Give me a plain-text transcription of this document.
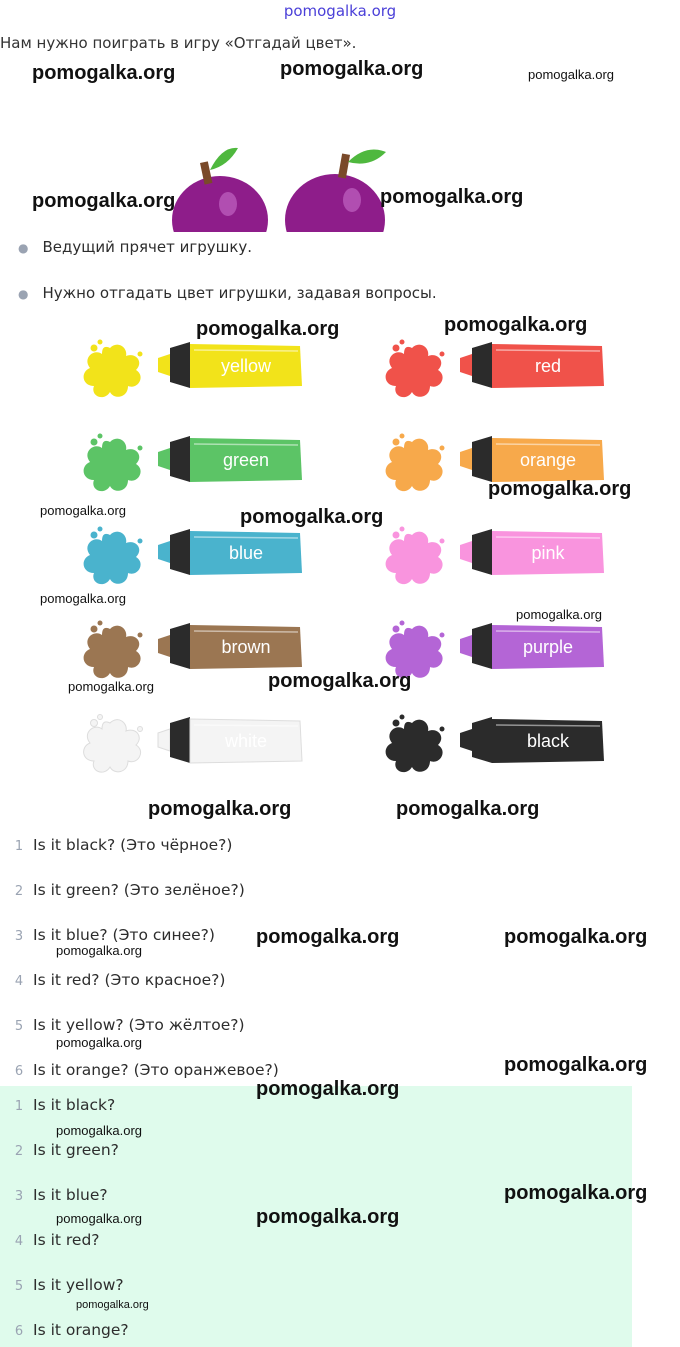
pomogalka.org
Нам нужно поиграть в игру «Отгадай цвет».
● Ведущий прячет игрушку.
● Нужно отгадать цвет игрушки, задавая вопросы.
yellow	red
green	orange
blue	pink
brown	purple
white	black
1 Is it black? (Это чёрное?)
2 Is it green? (Это зелёное?)
3 Is it blue? (Это синее?)
4 Is it red? (Это красное?)
5 Is it yellow? (Это жёлтое?)
6 Is it orange? (Это оранжевое?)
1 Is it black?
2 Is it green?
3 Is it blue?
4 Is it red?
5 Is it yellow?
6 Is it orange?
pomogalka.org	pomogalka.org	pomogalka.org
pomogalka.org	pomogalka.org
pomogalka.org	pomogalka.org
pomogalka.org
pomogalka.org	pomogalka.org
pomogalka.org
pomogalka.org
pomogalka.org	pomogalka.org
pomogalka.org	pomogalka.org
pomogalka.org	pomogalka.org
pomogalka.org
pomogalka.org
pomogalka.org
pomogalka.org
pomogalka.org
pomogalka.org
pomogalka.org	pomogalka.org
pomogalka.org
